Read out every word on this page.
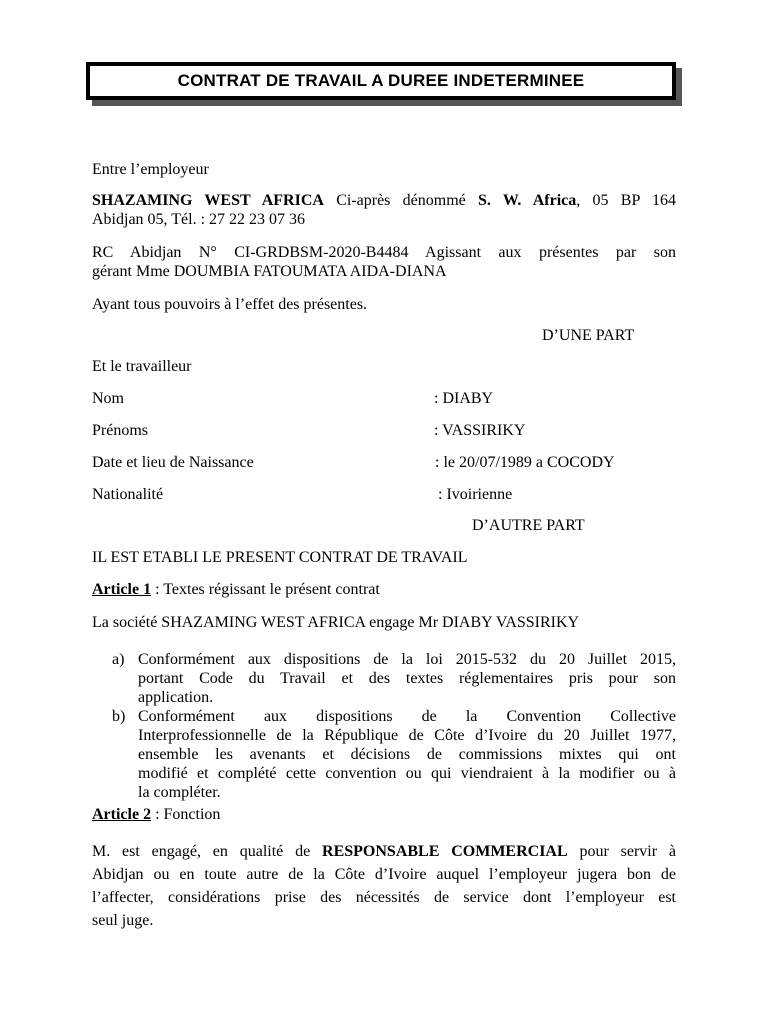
CONTRAT DE TRAVAIL A DUREE INDETERMINEE

Entre l’employeur

SHAZAMING WEST AFRICA Ci-après dénommé S. W. Africa, 05 BP 164

Abidjan 05, Tél. : 27 22 23 07 36

RC Abidjan N° CI-GRDBSM-2020-B4484 Agissant aux présentes par son

gérant Mme DOUMBIA FATOUMATA AIDA-DIANA

Ayant tous pouvoirs à l’effet des présentes.

D’UNE PART

Et le travailleur

Nom	: DIABY
Prénoms	: VASSIRIKY
Date et lieu de Naissance	: le 20/07/1989 a COCODY
Nationalité	: Ivoirienne

D’AUTRE PART

IL EST ETABLI LE PRESENT CONTRAT DE TRAVAIL

Article 1 : Textes régissant le présent contrat

La société SHAZAMING WEST AFRICA engage Mr DIABY VASSIRIKY

a) Conformément aux dispositions de la loi 2015-532 du 20 Juillet 2015,

portant Code du Travail et des textes réglementaires pris pour son

application.

b) Conformément aux dispositions de la Convention Collective

Interprofessionnelle de la République de Côte d’Ivoire du 20 Juillet 1977,

ensemble les avenants et décisions de commissions mixtes qui ont

modifié et complété cette convention ou qui viendraient à la modifier ou à

la compléter.

Article 2 : Fonction

M. est engagé, en qualité de RESPONSABLE COMMERCIAL pour servir à

Abidjan ou en toute autre de la Côte d’Ivoire auquel l’employeur jugera bon de

l’affecter, considérations prise des nécessités de service dont l’employeur est

seul juge.
